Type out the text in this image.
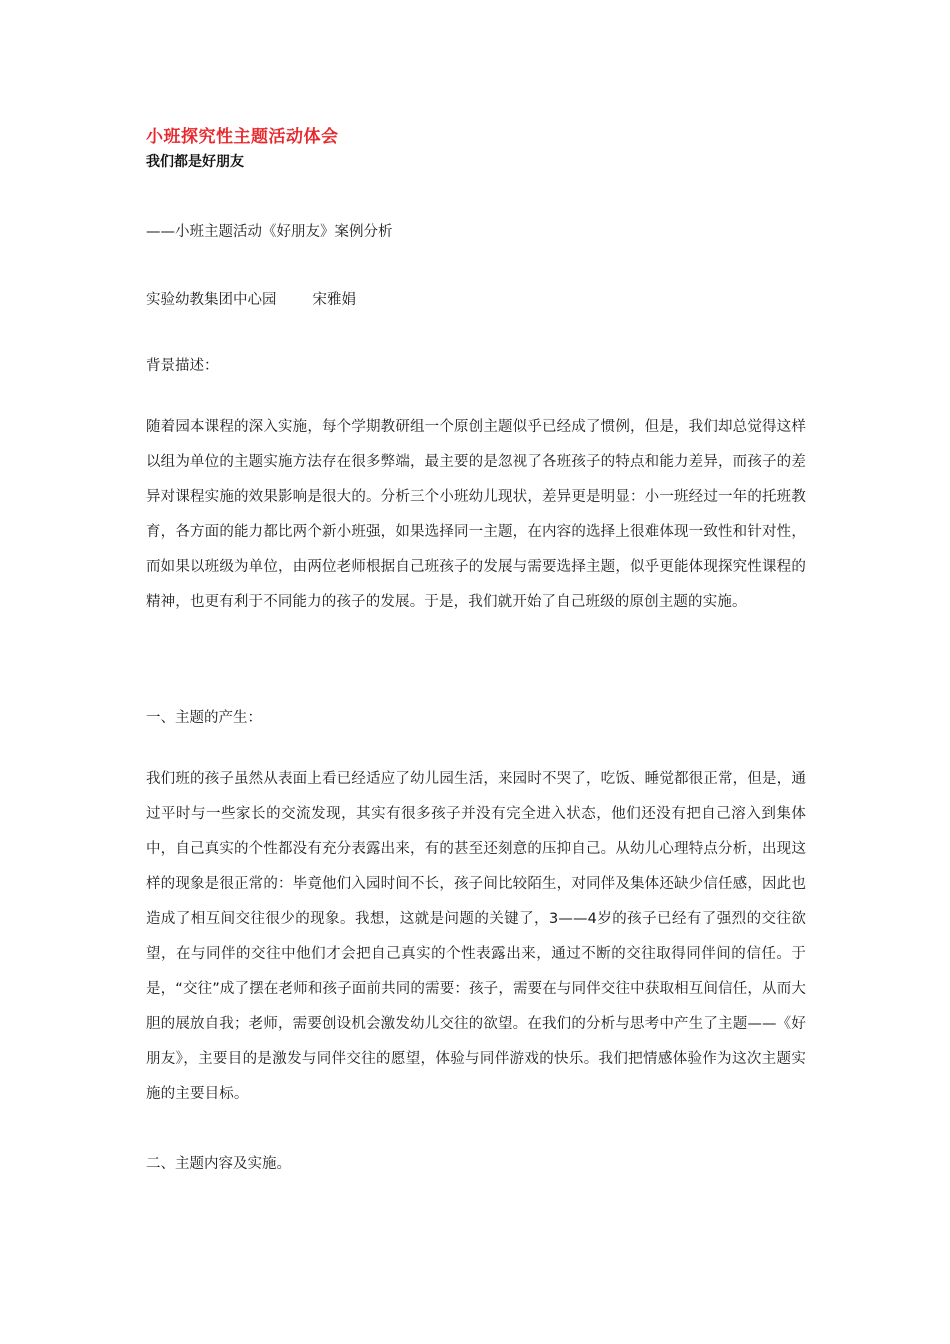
小班探究性主题活动体会
我们都是好朋友

——小班主题活动《好朋友》案例分析

实验幼教集团中心园 宋雅娟

背景描述：

随着园本课程的深入实施，每个学期教研组一个原创主题似乎已经成了惯例，但是，我们却总觉得这样以组为单位的主题实施方法存在很多弊端，最主要的是忽视了各班孩子的特点和能力差异，而孩子的差异对课程实施的效果影响是很大的。分析三个小班幼儿现状，差异更是明显：小一班经过一年的托班教育，各方面的能力都比两个新小班强，如果选择同一主题，在内容的选择上很难体现一致性和针对性，而如果以班级为单位，由两位老师根据自己班孩子的发展与需要选择主题，似乎更能体现探究性课程的精神，也更有利于不同能力的孩子的发展。于是，我们就开始了自己班级的原创主题的实施。

一、主题的产生：

我们班的孩子虽然从表面上看已经适应了幼儿园生活，来园时不哭了，吃饭、睡觉都很正常，但是，通过平时与一些家长的交流发现，其实有很多孩子并没有完全进入状态，他们还没有把自己溶入到集体中，自己真实的个性都没有充分表露出来，有的甚至还刻意的压抑自己。从幼儿心理特点分析，出现这样的现象是很正常的：毕竟他们入园时间不长，孩子间比较陌生，对同伴及集体还缺少信任感，因此也造成了相互间交往很少的现象。我想，这就是问题的关键了，3——4岁的孩子已经有了强烈的交往欲望，在与同伴的交往中他们才会把自己真实的个性表露出来，通过不断的交往取得同伴间的信任。于是，“交往”成了摆在老师和孩子面前共同的需要：孩子，需要在与同伴交往中获取相互间信任，从而大胆的展放自我；老师，需要创设机会激发幼儿交往的欲望。在我们的分析与思考中产生了主题——《好朋友》，主要目的是激发与同伴交往的愿望，体验与同伴游戏的快乐。我们把情感体验作为这次主题实施的主要目标。

二、主题内容及实施。
